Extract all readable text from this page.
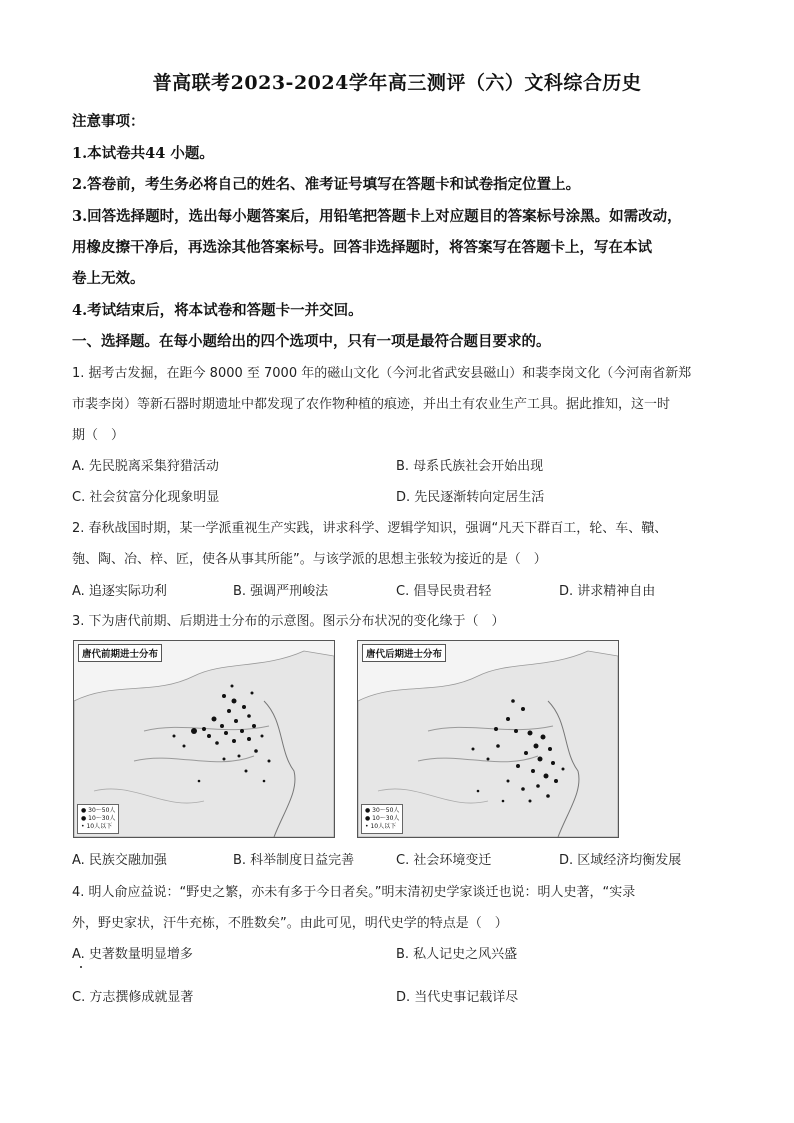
普高联考2023-2024学年高三测评（六）文科综合历史
注意事项：
1.本试卷共44 小题。
2.答卷前，考生务必将自己的姓名、准考证号填写在答题卡和试卷指定位置上。
3.回答选择题时，选出每小题答案后，用铅笔把答题卡上对应题目的答案标号涂黑。如需改动，
用橡皮擦干净后，再选涂其他答案标号。回答非选择题时，将答案写在答题卡上，写在本试
卷上无效。
4.考试结束后，将本试卷和答题卡一并交回。
一、选择题。在每小题给出的四个选项中，只有一项是最符合题目要求的。
1. 据考古发掘，在距今 8000 至 7000 年的磁山文化（今河北省武安县磁山）和裴李岗文化（今河南省新郑
市裴李岗）等新石器时期遗址中都发现了农作物种植的痕迹，并出土有农业生产工具。据此推知，这一时
期（　）
A. 先民脱离采集狩猎活动	B. 母系氏族社会开始出现
C. 社会贫富分化现象明显	D. 先民逐渐转向定居生活
2. 春秋战国时期，某一学派重视生产实践，讲求科学、逻辑学知识，强调“凡天下群百工，轮、车、鞼、
匏、陶、冶、梓、匠，使各从事其所能”。与该学派的思想主张较为接近的是（　）
A. 追逐实际功利	B. 强调严刑峻法	C. 倡导民贵君轻	D. 讲求精神自由
3. 下为唐代前期、后期进士分布的示意图。图示分布状况的变化缘于（　）
唐代前期进士分布
● 30～50人
● 10～30人
• 10人以下
唐代后期进士分布
● 30～50人
● 10～30人
• 10人以下
A. 民族交融加强	B. 科举制度日益完善	C. 社会环境变迁	D. 区域经济均衡发展
4. 明人俞应益说：“野史之繁，亦未有多于今日者矣。”明末清初史学家谈迁也说：明人史著，“实录
外，野史家状，汗牛充栋，不胜数矣”。由此可见，明代史学的特点是（　）
A. 史著数量明显增多	B. 私人记史之风兴盛
C. 方志撰修成就显著	D. 当代史事记载详尽
